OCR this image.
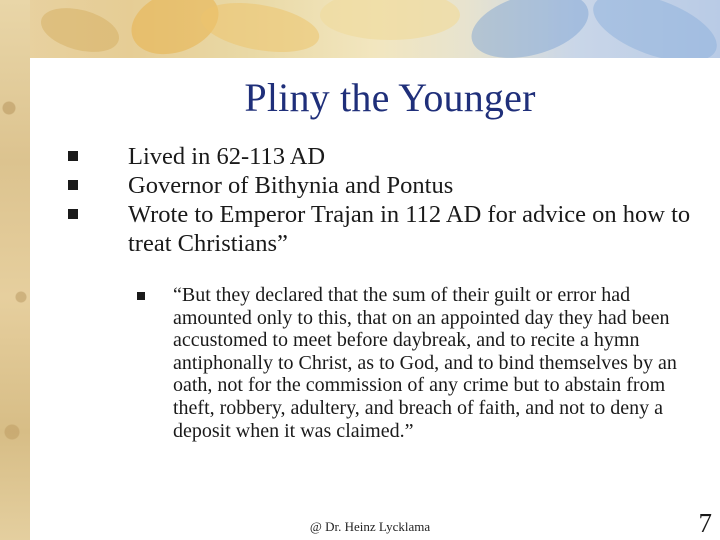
Pliny the Younger
Lived in 62-113 AD
Governor of Bithynia and Pontus
Wrote to Emperor Trajan in 112 AD for advice on how to treat Christians”
“But they declared that the sum of their guilt or error had amounted only to this, that on an appointed day they had been accustomed to meet before daybreak, and to recite a hymn antiphonally to Christ, as to God, and to bind themselves by an oath, not for the commission of any crime but to abstain from theft, robbery, adultery, and breach of faith, and not to deny a deposit when it was claimed.”
@ Dr. Heinz Lycklama	7
